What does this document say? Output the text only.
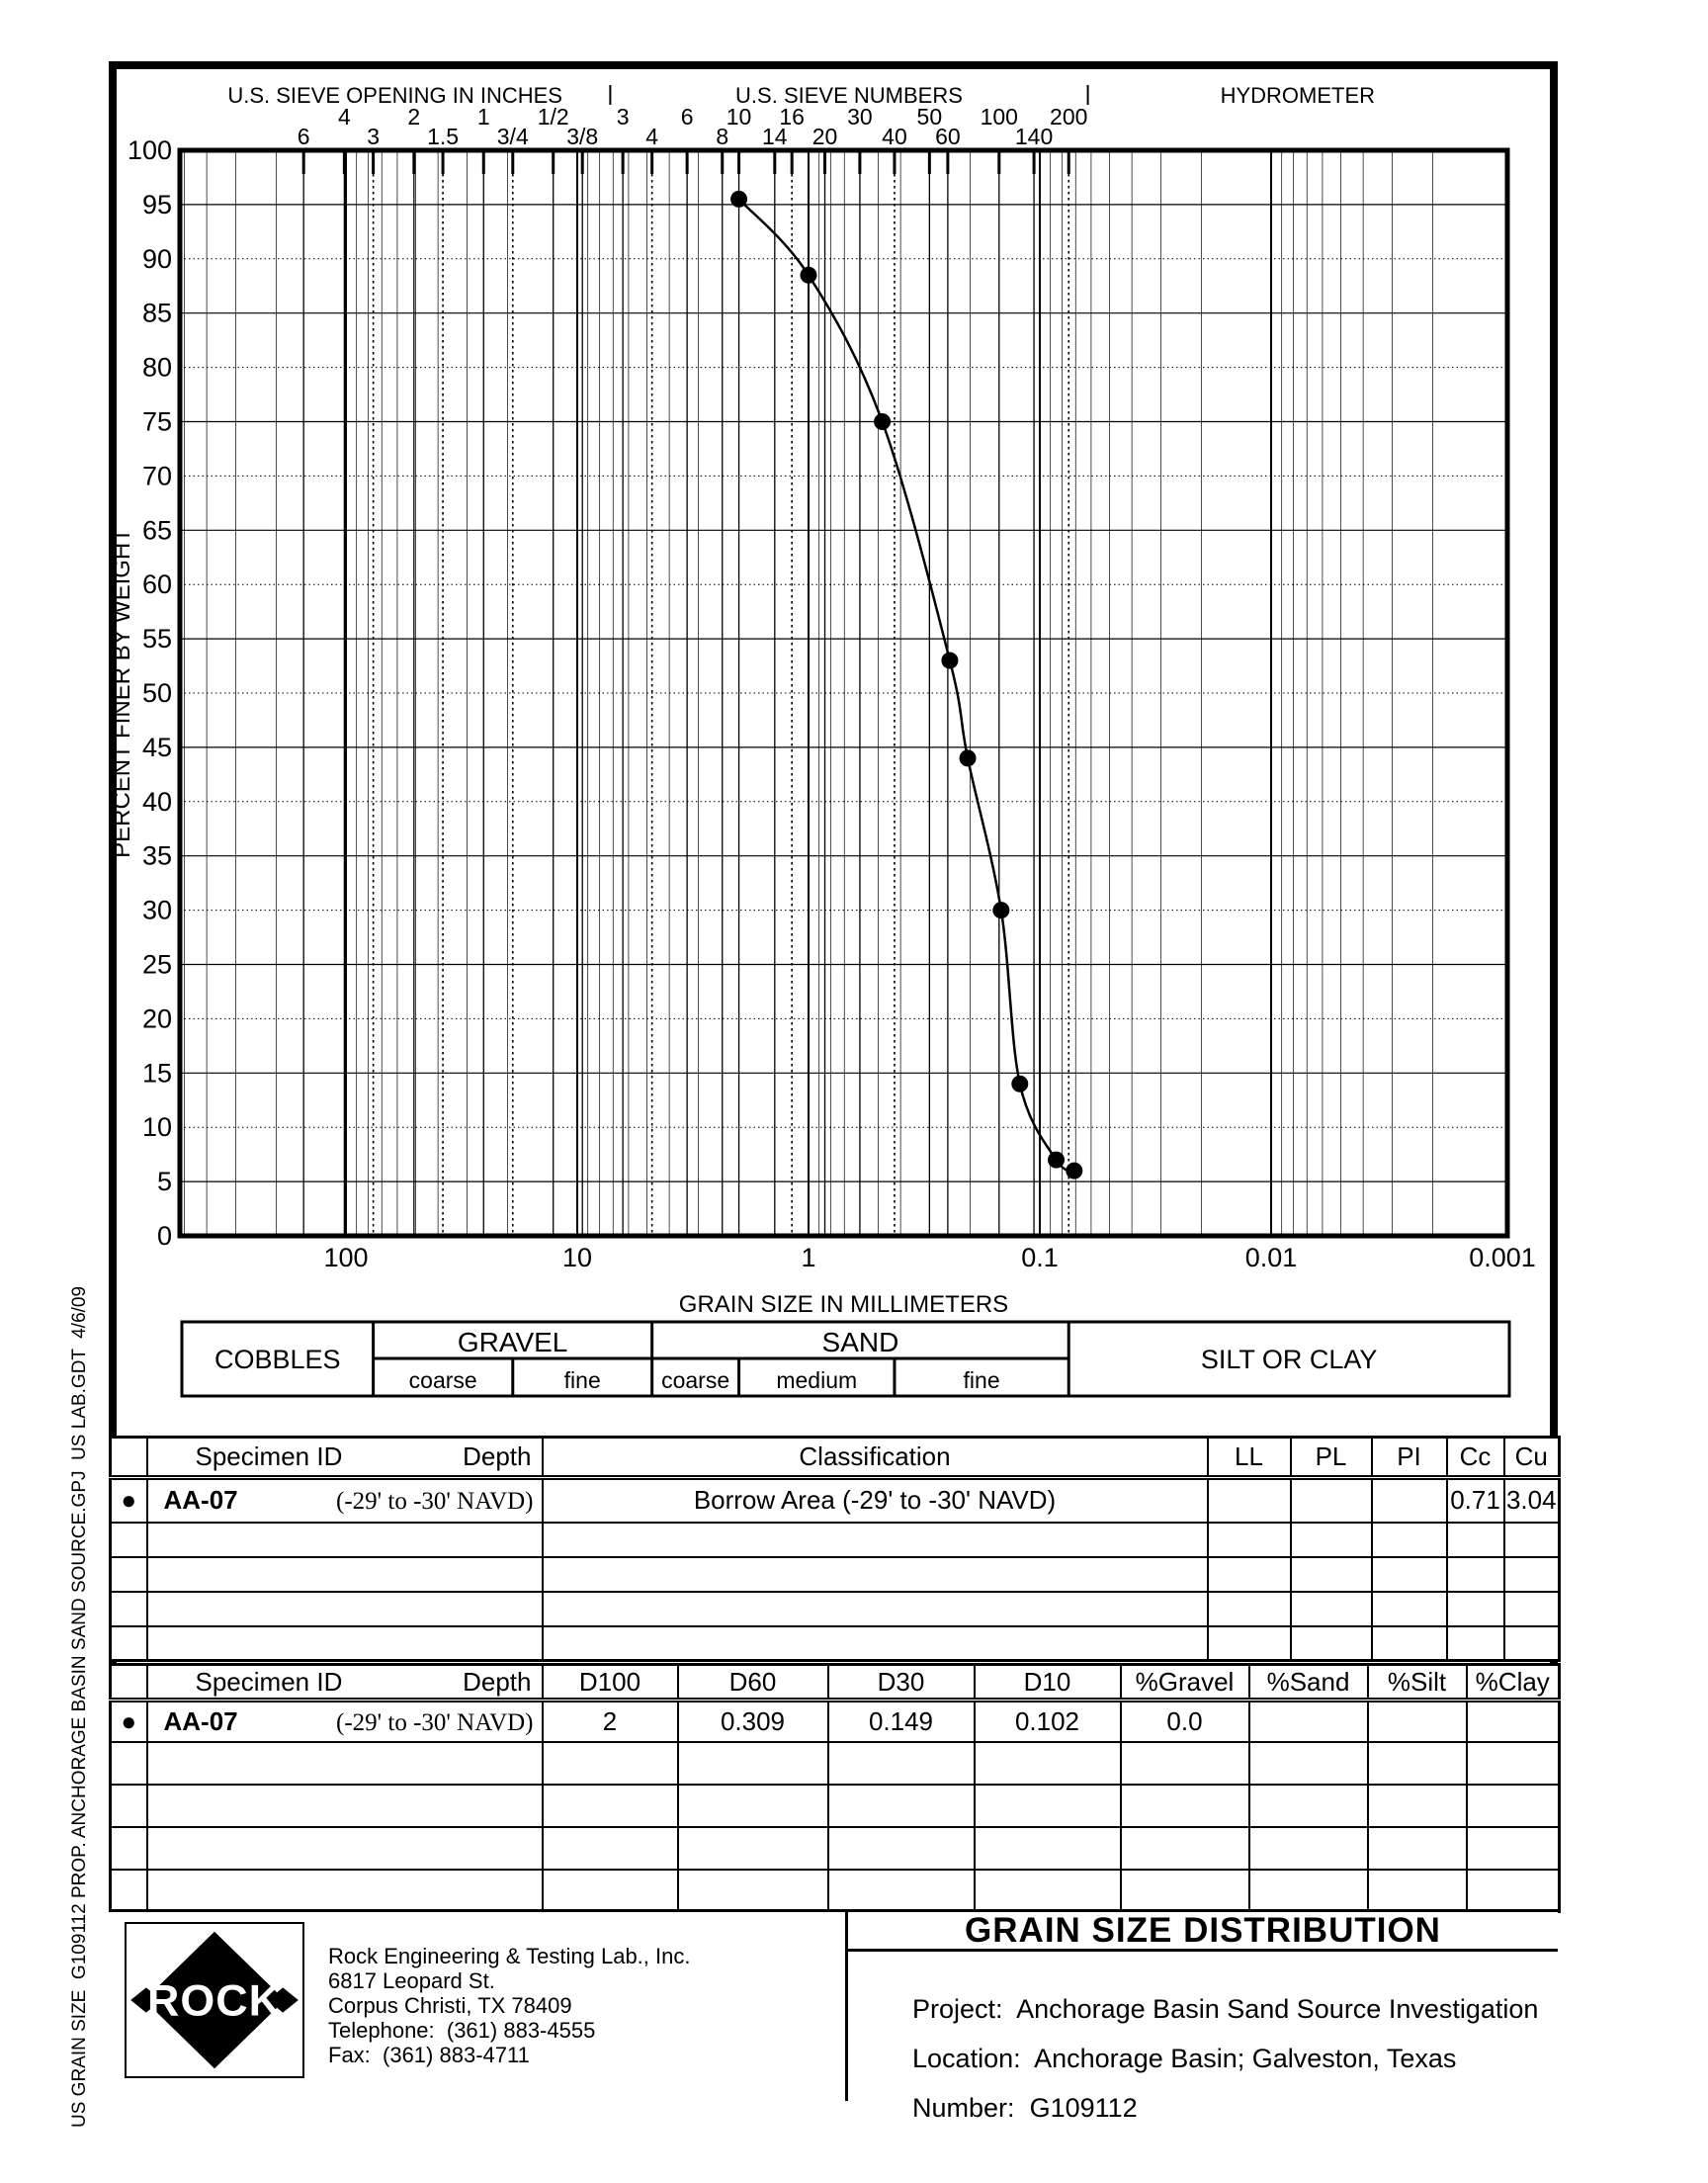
US GRAIN SIZE  G109112 PROP. ANCHORAGE BASIN SAND SOURCE.GPJ  US LAB.GDT  4/6/09
6
4
3
2
1.5
1
3/4
1/2
3/8
3
4
6
8
10
14
16
20
30
40
50
60
100
140
200
U.S. SIEVE OPENING IN INCHES	U.S. SIEVE NUMBERS	HYDROMETER
100
95
90
85
80
75
70
65
60
55
50
45
40
35
30
25
20
15
10
5
0
100	10	1	0.1	0.01	0.001
GRAIN SIZE IN MILLIMETERS
PERCENT FINER BY WEIGHT
COBBLES
GRAVEL	SAND
SILT OR CLAY
coarse	fine	coarse medium	fine

	Specimen ID Depth	Classification	LL	PL	PI	Cc	Cu
●	AA-07 (-29' to -30' NAVD)	Borrow Area (-29' to -30' NAVD)				0.71	3.04

	Specimen ID Depth	D100	D60	D30	D10	%Gravel	%Sand	%Silt	%Clay
●	AA-07 (-29' to -30' NAVD)	2	0.309	0.149	0.102	0.0			

ROCK
Rock Engineering & Testing Lab., Inc.
6817 Leopard St.
Corpus Christi, TX 78409
Telephone:  (361) 883-4555
Fax:  (361) 883-4711
GRAIN SIZE DISTRIBUTION

Project: Anchorage Basin Sand Source Investigation

Location: Anchorage Basin; Galveston, Texas

Number: G109112
